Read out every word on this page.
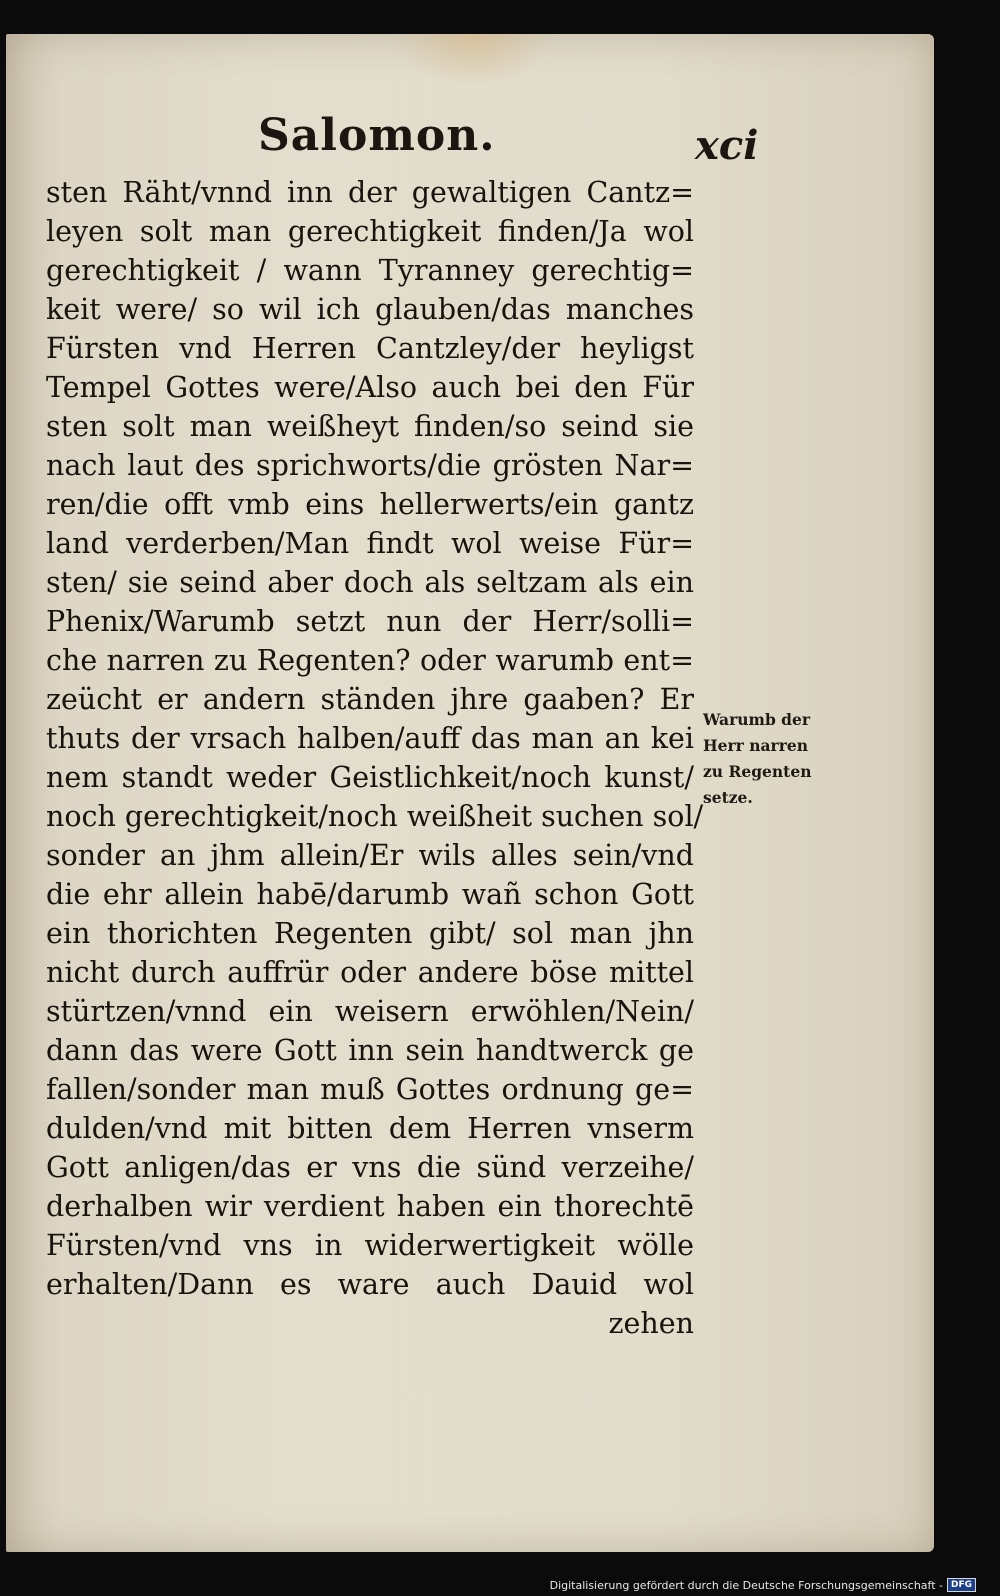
Salomon.	xci
sten Räht/vnnd inn der gewaltigen Cantz=
leyen solt man gerechtigkeit finden/Ja wol
gerechtigkeit / wann Tyranney gerechtig=
keit were/ so wil ich glauben/das manches
Fürsten vnd Herren Cantzley/der heyligst
Tempel Gottes were/Also auch bei den Für
sten solt man weißheyt finden/so seind sie
nach laut des sprichworts/die grösten Nar=
ren/die offt vmb eins hellerwerts/ein gantz
land verderben/Man findt wol weise Für=
sten/ sie seind aber doch als seltzam als ein
Phenix/Warumb setzt nun der Herr/solli=
che narren zu Regenten? oder warumb ent=
zeücht er andern ständen jhre gaaben? Er
thuts der vrsach halben/auff das man an kei
nem standt weder Geistlichkeit/noch kunst/
noch gerechtigkeit/noch weißheit suchen sol/
sonder an jhm allein/Er wils alles sein/vnd
die ehr allein habē/darumb wañ schon Gott
ein thorichten Regenten gibt/ sol man jhn
nicht durch auffrür oder andere böse mittel
stürtzen/vnnd ein weisern erwöhlen/Nein/
dann das were Gott inn sein handtwerck ge
fallen/sonder man muß Gottes ordnung ge=
dulden/vnd mit bitten dem Herren vnserm
Gott anligen/das er vns die sünd verzeihe/
derhalben wir verdient haben ein thorechtē
Fürsten/vnd vns in widerwertigkeit wölle
erhalten/Dann es ware auch Dauid wol
zehen
Warumb der
Herr narren
zu Regenten
setze.
Digitalisierung gefördert durch die Deutsche Forschungsgemeinschaft - DFG
